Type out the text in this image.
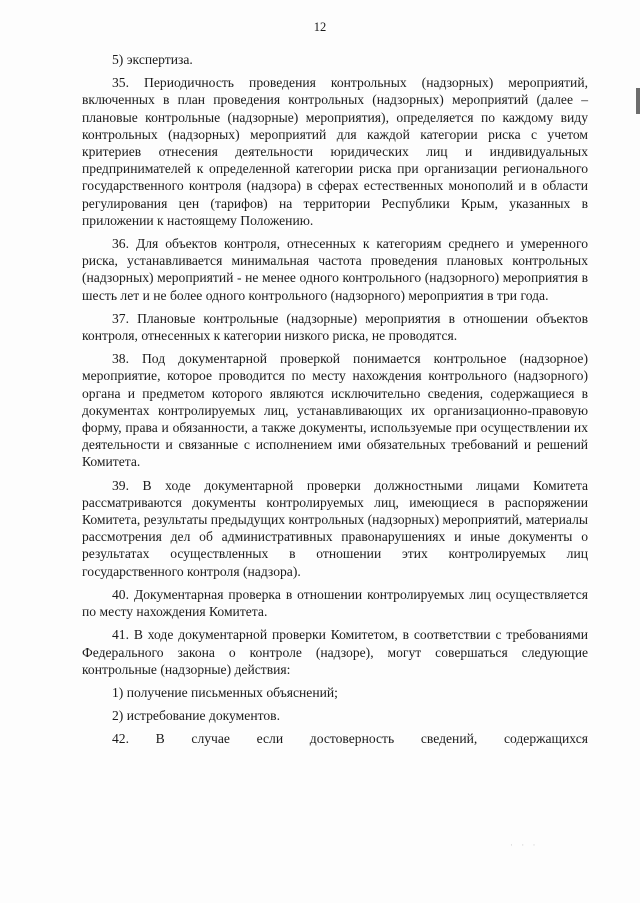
12

5) экспертиза.

35. Периодичность проведения контрольных (надзорных) мероприятий, включенных в план проведения контрольных (надзорных) мероприятий (далее – плановые контрольные (надзорные) мероприятия), определяется по каждому виду контрольных (надзорных) мероприятий для каждой категории риска с учетом критериев отнесения деятельности юридических лиц и индивидуальных предпринимателей к определенной категории риска при организации регионального государственного контроля (надзора) в сферах естественных монополий и в области регулирования цен (тарифов) на территории Республики Крым, указанных в приложении к настоящему Положению.

36. Для объектов контроля, отнесенных к категориям среднего и умеренного риска, устанавливается минимальная частота проведения плановых контрольных (надзорных) мероприятий - не менее одного контрольного (надзорного) мероприятия в шесть лет и не более одного контрольного (надзорного) мероприятия в три года.

37. Плановые контрольные (надзорные) мероприятия в отношении объектов контроля, отнесенных к категории низкого риска, не проводятся.

38. Под документарной проверкой понимается контрольное (надзорное) мероприятие, которое проводится по месту нахождения контрольного (надзорного) органа и предметом которого являются исключительно сведения, содержащиеся в документах контролируемых лиц, устанавливающих их организационно-правовую форму, права и обязанности, а также документы, используемые при осуществлении их деятельности и связанные с исполнением ими обязательных требований и решений Комитета.

39. В ходе документарной проверки должностными лицами Комитета рассматриваются документы контролируемых лиц, имеющиеся в распоряжении Комитета, результаты предыдущих контрольных (надзорных) мероприятий, материалы рассмотрения дел об административных правонарушениях и иные документы о результатах осуществленных в отношении этих контролируемых лиц государственного контроля (надзора).

40. Документарная проверка в отношении контролируемых лиц осуществляется по месту нахождения Комитета.

41. В ходе документарной проверки Комитетом, в соответствии с требованиями Федерального закона о контроле (надзоре), могут совершаться следующие контрольные (надзорные) действия:

1) получение письменных объяснений;

2) истребование документов.

42. В случае если достоверность сведений, содержащихся

· · ·
